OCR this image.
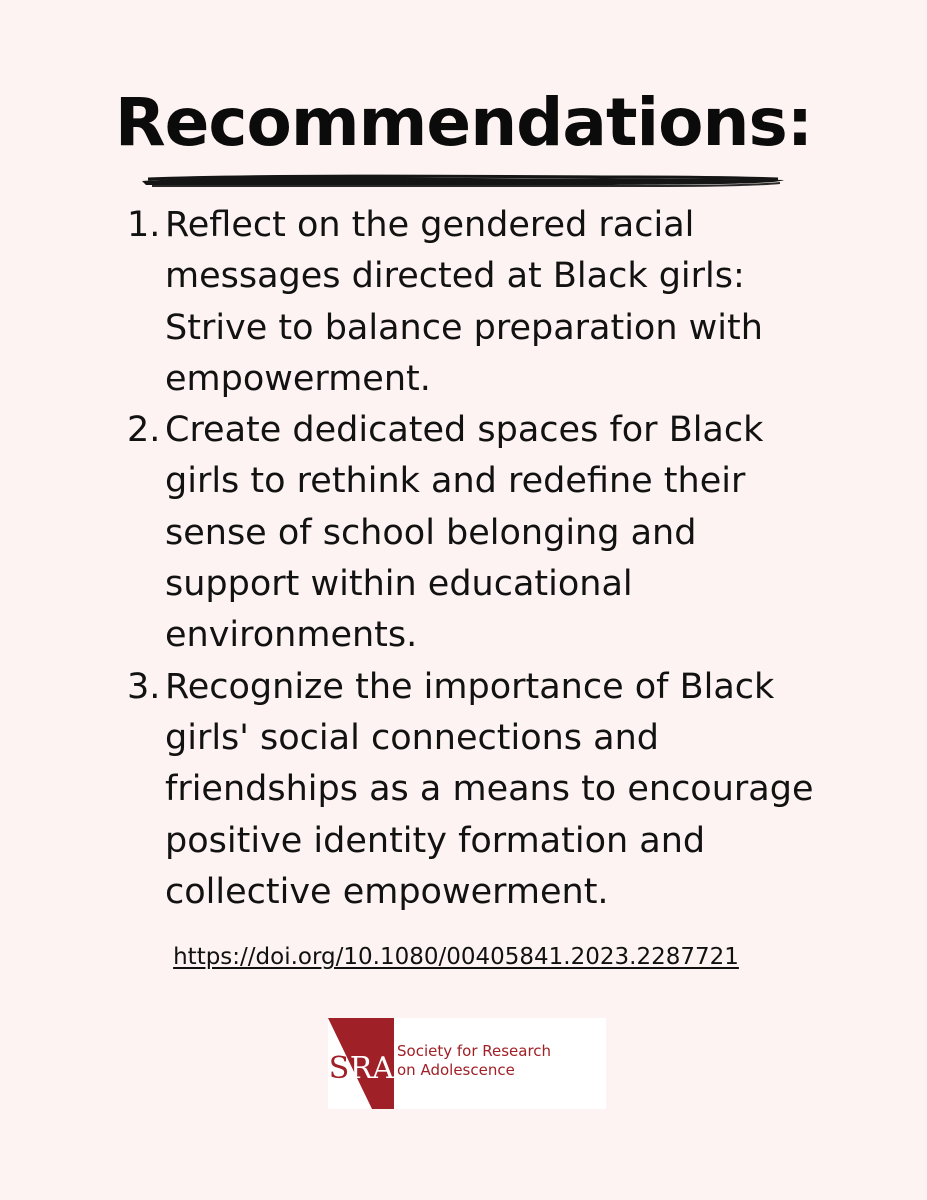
Recommendations:
1. Reflect on the gendered racial
messages directed at Black girls:
Strive to balance preparation with
empowerment.
2. Create dedicated spaces for Black
girls to rethink and redefine their
sense of school belonging and
support within educational
environments.
3. Recognize the importance of Black
girls' social connections and
friendships as a means to encourage
positive identity formation and
collective empowerment.
https://doi.org/10.1080/00405841.2023.2287721
S R A Society for Research
on Adolescence
